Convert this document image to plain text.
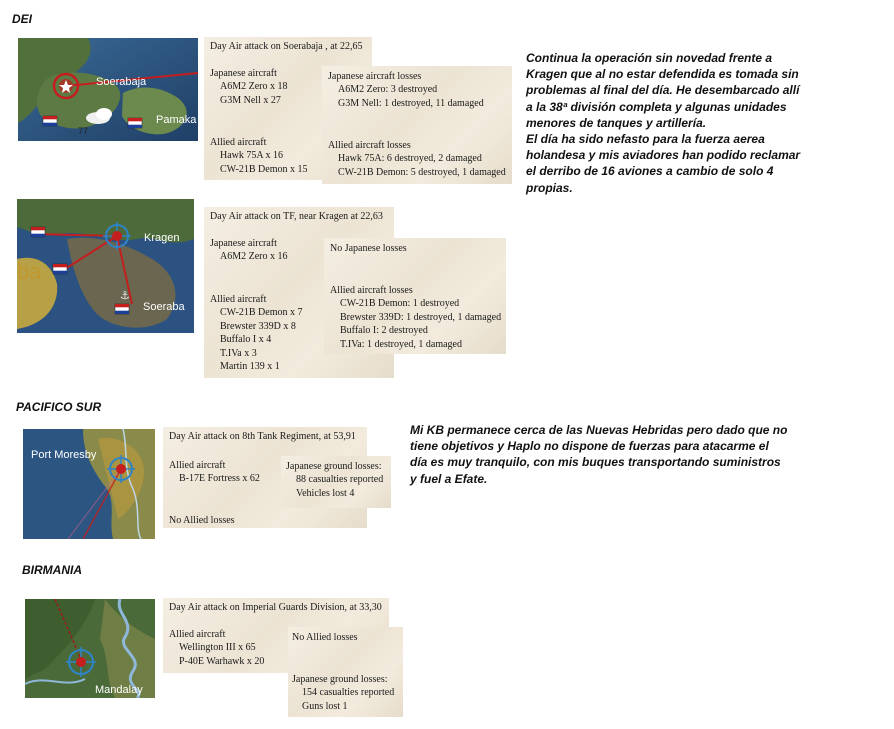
DEI
Soerabaja
Pamaka
77
Day Air attack on Soerabaja , at 22,65
Japanese aircraft
A6M2 Zero x 18
G3M Nell x 27
Allied aircraft
Hawk 75A x 16
CW-21B Demon x 15
Japanese aircraft losses
A6M2 Zero: 3 destroyed
G3M Nell: 1 destroyed, 11 damaged
Allied aircraft losses
Hawk 75A: 6 destroyed, 2 damaged
CW-21B Demon: 5 destroyed, 1 damaged
Continua la operación sin novedad frente a
Kragen que al no estar defendida es tomada sin
problemas al final del día. He desembarcado allí
a la 38ª división completa y algunas unidades
menores de tanques y artillería.
El día ha sido nefasto para la fuerza aerea
holandesa y mis aviadores han podido reclamar
el derribo de 16 aviones a cambio de solo 4
propias.
ba
Kragen
Soeraba
⚓
Day Air attack on TF, near Kragen at 22,63
Japanese aircraft
A6M2 Zero x 16
Allied aircraft
CW-21B Demon x 7
Brewster 339D x 8
Buffalo I x 4
T.IVa x 3
Martin 139 x 1
No Japanese losses
Allied aircraft losses
CW-21B Demon: 1 destroyed
Brewster 339D: 1 destroyed, 1 damaged
Buffalo I: 2 destroyed
T.IVa: 1 destroyed, 1 damaged
PACIFICO SUR
Port Moresby
Day Air attack on 8th Tank Regiment, at 53,91
Allied aircraft
B-17E Fortress x 62
No Allied losses
Japanese ground losses:
88 casualties reported
Vehicles lost 4
Mi KB permanece cerca de las Nuevas Hebridas pero dado que no
tiene objetivos y Haplo no dispone de fuerzas para atacarme el
día es muy tranquilo, con mis buques transportando suministros
y fuel a Efate.
BIRMANIA
Mandalay
Day Air attack on Imperial Guards Division, at 33,30
Allied aircraft
Wellington III x 65
P-40E Warhawk x 20
No Allied losses
Japanese ground losses:
154 casualties reported
Guns lost 1
